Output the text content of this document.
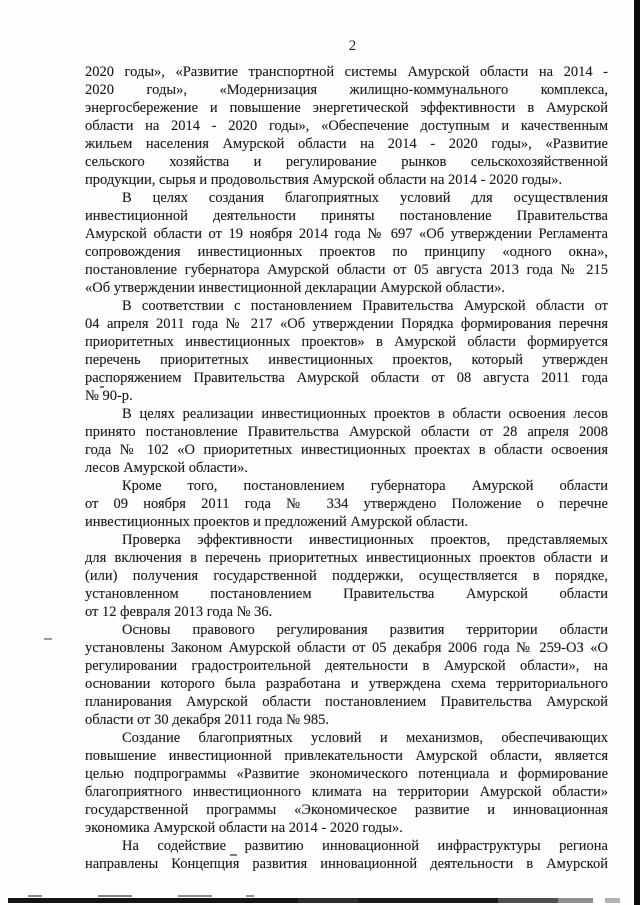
2
2020 годы», «Развитие транспортной системы Амурской области на 2014 -
2020 годы», «Модернизация жилищно-коммунального комплекса,
энергосбережение и повышение энергетической эффективности в Амурской
области на 2014 - 2020 годы», «Обеспечение доступным и качественным
жильем населения Амурской области на 2014 - 2020 годы», «Развитие
сельского хозяйства и регулирование рынков сельскохозяйственной
продукции, сырья и продовольствия Амурской области на 2014 - 2020 годы».
В целях создания благоприятных условий для осуществления
инвестиционной деятельности приняты постановление Правительства
Амурской области от 19 ноября 2014 года № 697 «Об утверждении Регламента
сопровождения инвестиционных проектов по принципу «одного окна»,
постановление губернатора Амурской области от 05 августа 2013 года № 215
«Об утверждении инвестиционной декларации Амурской области».
В соответствии с постановлением Правительства Амурской области от
04 апреля 2011 года № 217 «Об утверждении Порядка формирования перечня
приоритетных инвестиционных проектов» в Амурской области формируется
перечень приоритетных инвестиционных проектов, который утвержден
распоряжением Правительства Амурской области от 08 августа 2011 года
№ 90-р.
В целях реализации инвестиционных проектов в области освоения лесов
принято постановление Правительства Амурской области от 28 апреля 2008
года № 102 «О приоритетных инвестиционных проектах в области освоения
лесов Амурской области».
Кроме того, постановлением губернатора Амурской области
от 09 ноября 2011 года № 334 утверждено Положение о перечне
инвестиционных проектов и предложений Амурской области.
Проверка эффективности инвестиционных проектов, представляемых
для включения в перечень приоритетных инвестиционных проектов области и
(или) получения государственной поддержки, осуществляется в порядке,
установленном постановлением Правительства Амурской области
от 12 февраля 2013 года № 36.
Основы правового регулирования развития территории области
установлены Законом Амурской области от 05 декабря 2006 года № 259-ОЗ «О
регулировании градостроительной деятельности в Амурской области», на
основании которого была разработана и утверждена схема территориального
планирования Амурской области постановлением Правительства Амурской
области от 30 декабря 2011 года № 985.
Создание благоприятных условий и механизмов, обеспечивающих
повышение инвестиционной привлекательности Амурской области, является
целью подпрограммы «Развитие экономического потенциала и формирование
благоприятного инвестиционного климата на территории Амурской области»
государственной программы «Экономическое развитие и инновационная
экономика Амурской области на 2014 - 2020 годы».
На содействие развитию инновационной инфраструктуры региона
направлены Концепция развития инновационной деятельности в Амурской
